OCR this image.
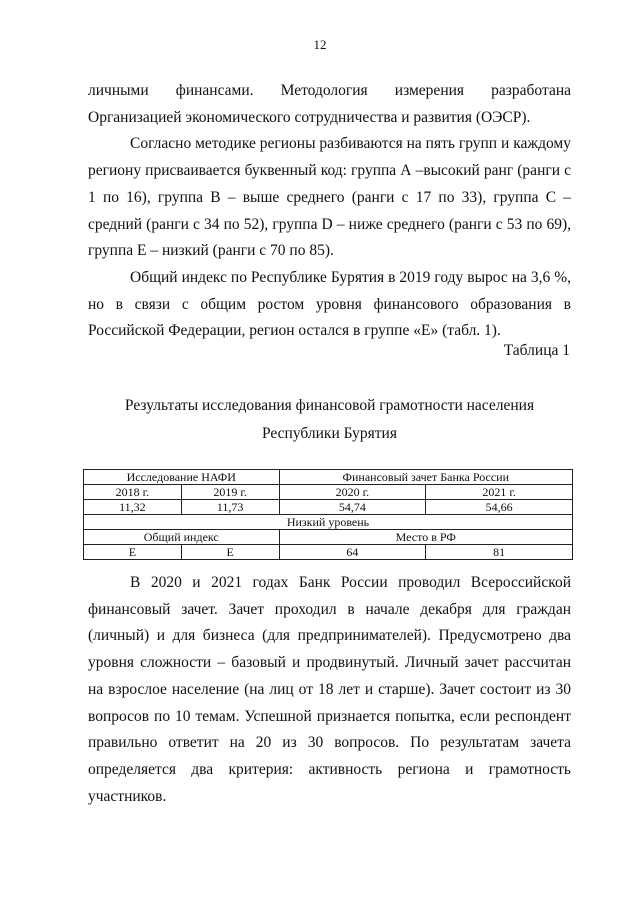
12

личными финансами. Методология измерения разработана Организацией экономического сотрудничества и развития (ОЭСР).

Согласно методике регионы разбиваются на пять групп и каждому региону присваивается буквенный код: группа А –высокий ранг (ранги с 1 по 16), группа В – выше среднего (ранги с 17 по 33), группа С – средний (ранги с 34 по 52), группа D – ниже среднего (ранги с 53 по 69), группа Е – низкий (ранги с 70 по 85).

Общий индекс по Республике Бурятия в 2019 году вырос на 3,6 %, но в связи с общим ростом уровня финансового образования в Российской Федерации, регион остался в группе «Е» (табл. 1).

Таблица 1
Результаты исследования финансовой грамотности населения
Республики Бурятия
Исследование НАФИ		Финансовый зачет Банка России	
2018 г.	2019 г.	2020 г.	2021 г.
11,32	11,73	54,74	54,66
Низкий уровень			
Общий индекс		Место в РФ	
Е	Е	64	81

В 2020 и 2021 годах Банк России проводил Всероссийской финансовый зачет. Зачет проходил в начале декабря для граждан (личный) и для бизнеса (для предпринимателей). Предусмотрено два уровня сложности – базовый и продвинутый. Личный зачет рассчитан на взрослое население (на лиц от 18 лет и старше). Зачет состоит из 30 вопросов по 10 темам. Успешной признается попытка, если респондент правильно ответит на 20 из 30 вопросов. По результатам зачета определяется два критерия: активность региона и грамотность участников.
